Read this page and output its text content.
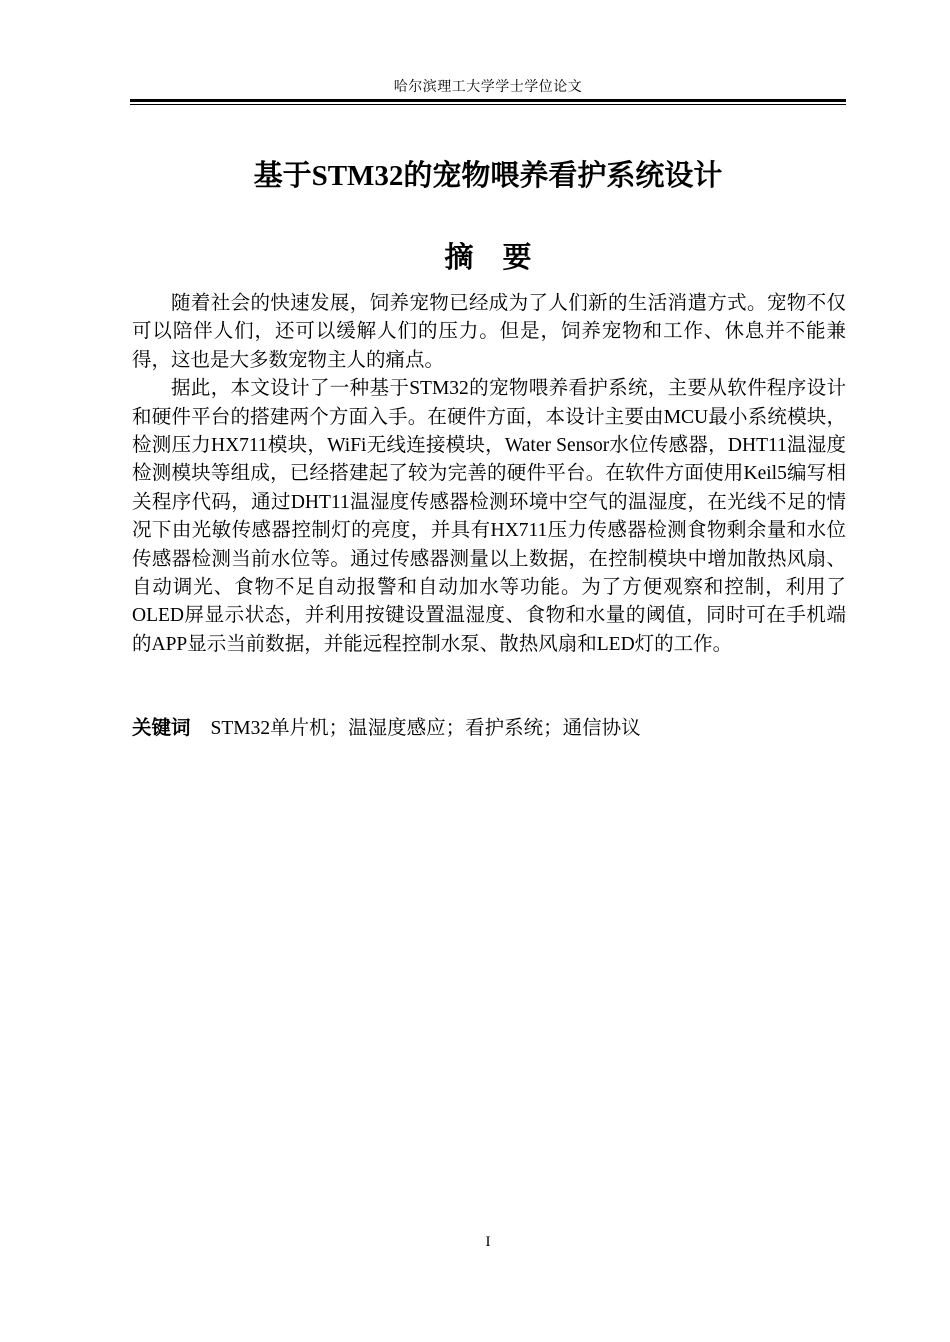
哈尔滨理工大学学士学位论文
基于STM32的宠物喂养看护系统设计
摘　要

随着社会的快速发展，饲养宠物已经成为了人们新的生活消遣方式。宠物不仅可以陪伴人们，还可以缓解人们的压力。但是，饲养宠物和工作、休息并不能兼得，这也是大多数宠物主人的痛点。

据此，本文设计了一种基于STM32的宠物喂养看护系统，主要从软件程序设计和硬件平台的搭建两个方面入手。在硬件方面，本设计主要由MCU最小系统模块，检测压力HX711模块，WiFi无线连接模块，Water Sensor水位传感器，DHT11温湿度检测模块等组成，已经搭建起了较为完善的硬件平台。在软件方面使用Keil5编写相关程序代码，通过DHT11温湿度传感器检测环境中空气的温湿度，在光线不足的情况下由光敏传感器控制灯的亮度，并具有HX711压力传感器检测食物剩余量和水位传感器检测当前水位等。通过传感器测量以上数据，在控制模块中增加散热风扇、自动调光、食物不足自动报警和自动加水等功能。为了方便观察和控制，利用了OLED屏显示状态，并利用按键设置温湿度、食物和水量的阈值，同时可在手机端的APP显示当前数据，并能远程控制水泵、散热风扇和LED灯的工作。

关键词 STM32单片机；温湿度感应；看护系统；通信协议
I
